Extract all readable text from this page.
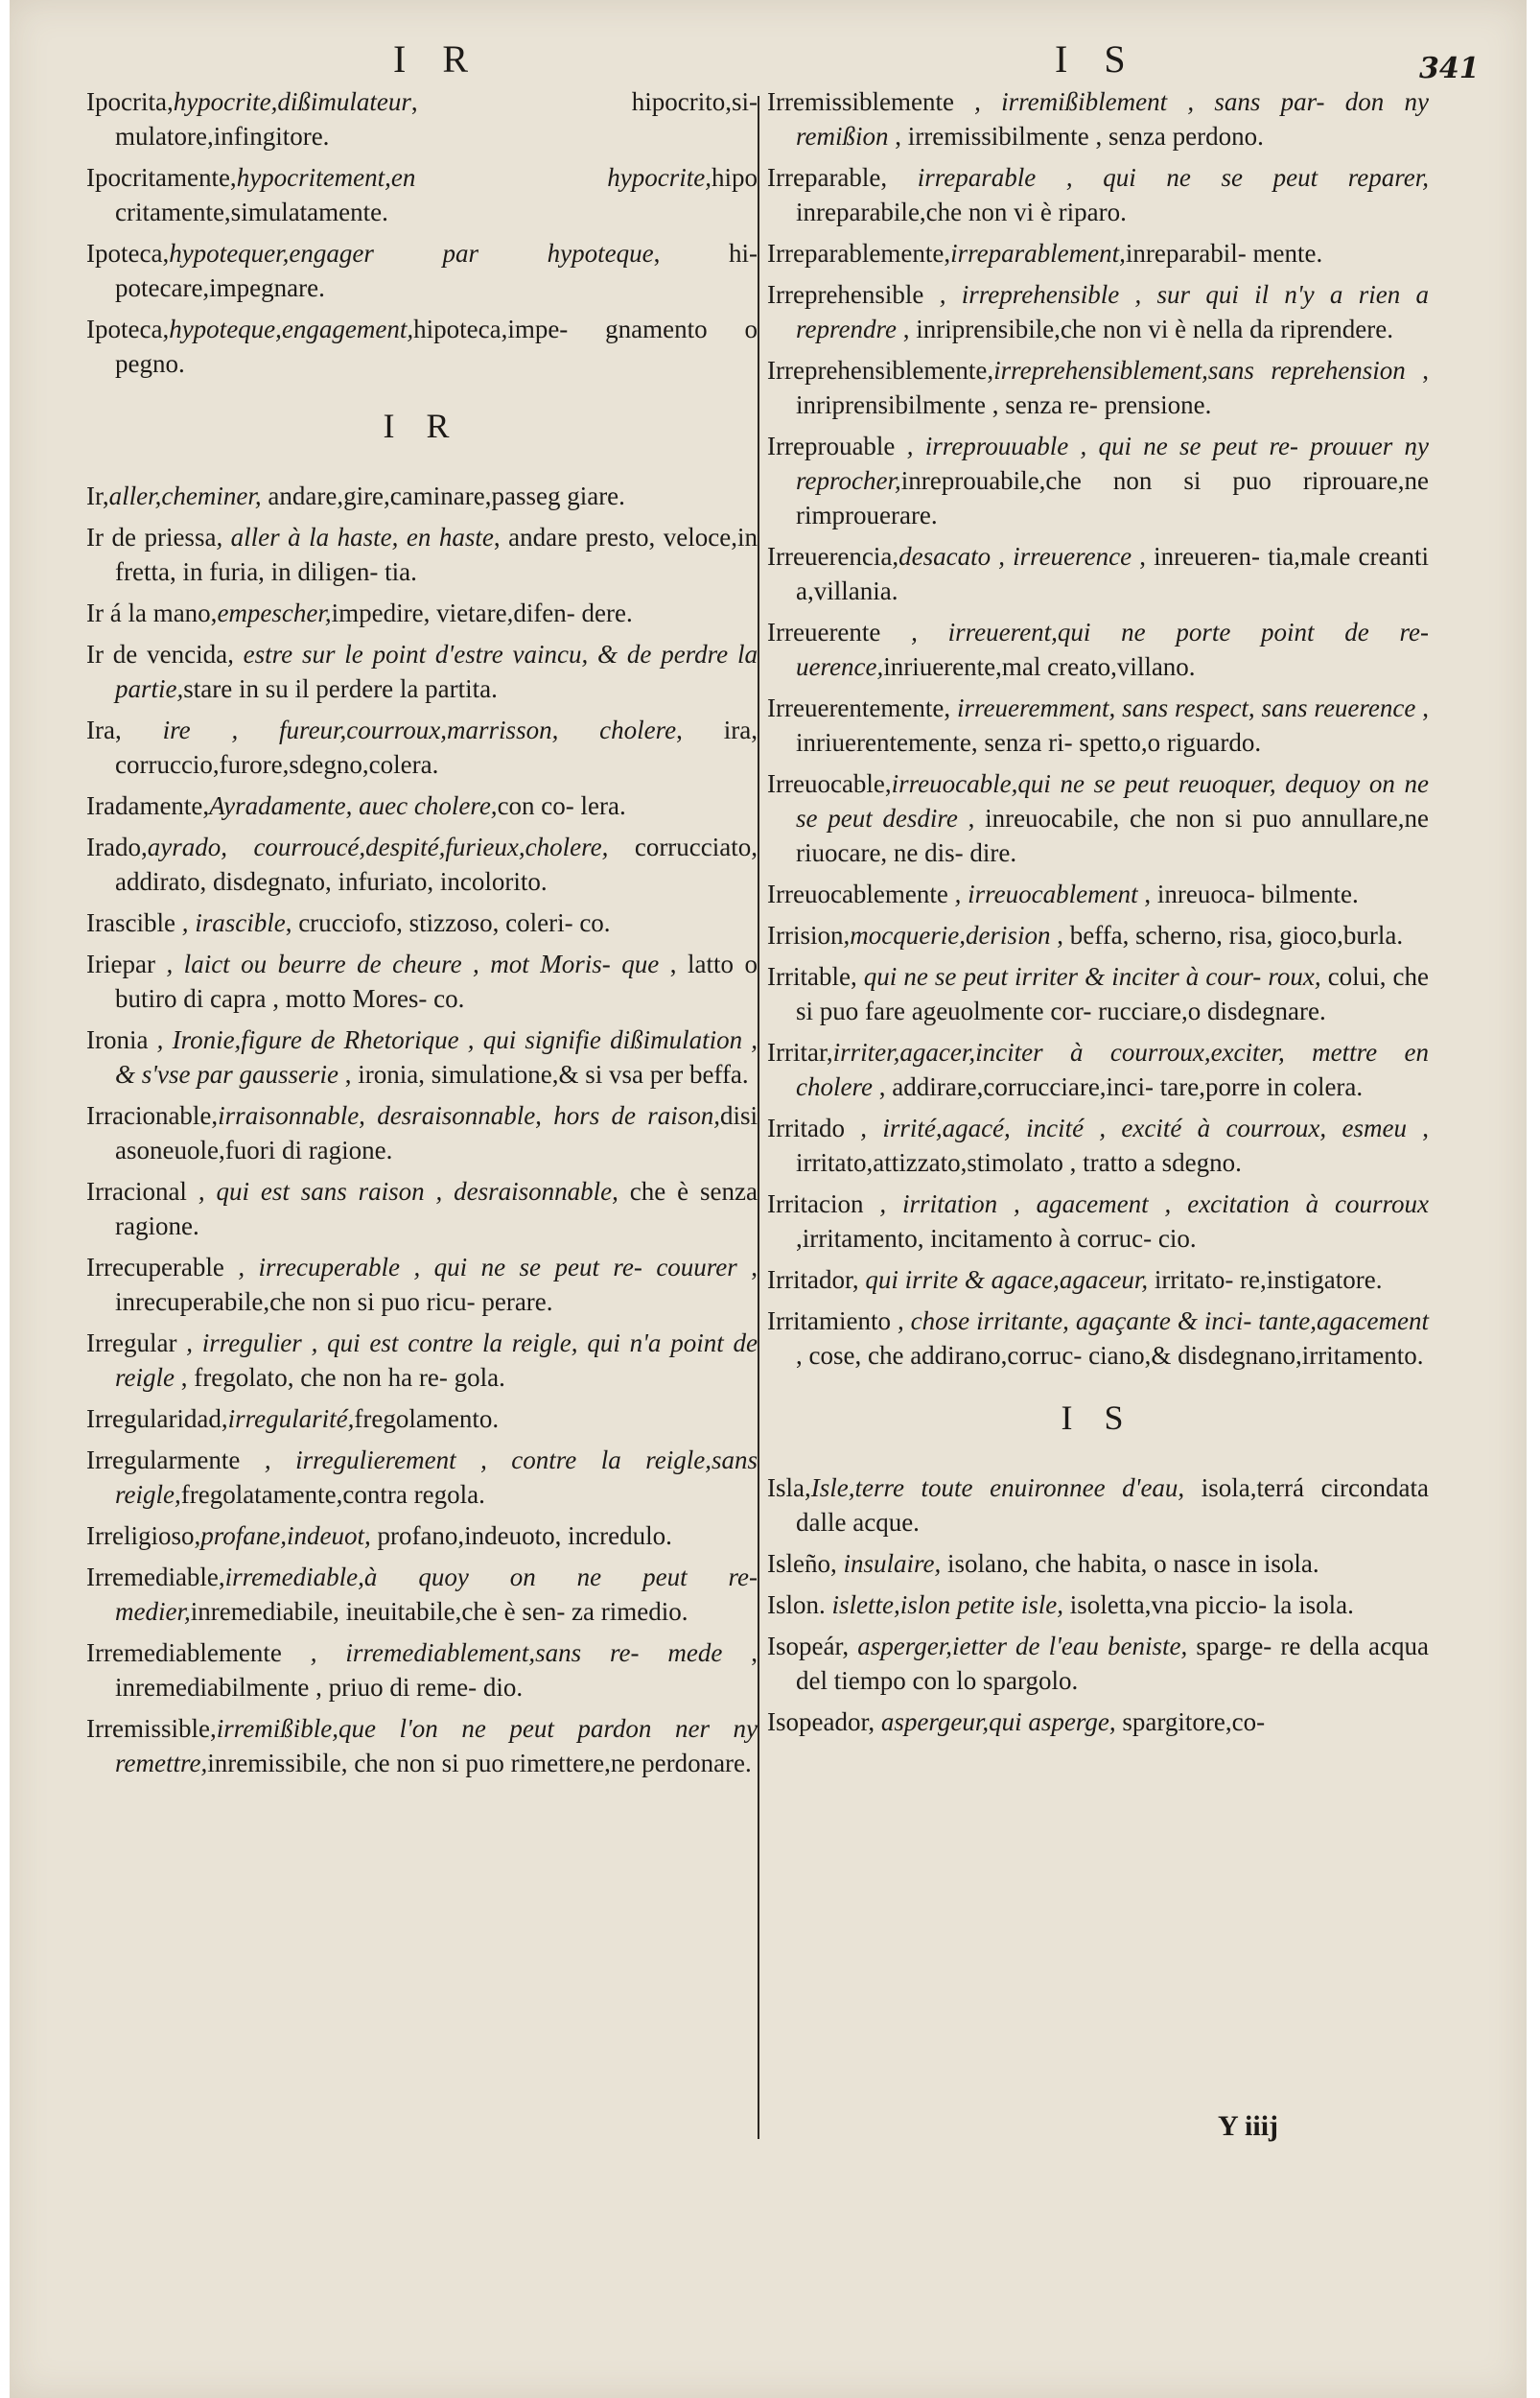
I R	I S	341

Ipocrita,hypocrite,dißimulateur, hipocrito,si- mulatore,infingitore.

Ipocritamente,hypocritement,en hypocrite,hipo critamente,simulatamente.

Ipoteca,hypotequer,engager par hypoteque, hi- potecare,impegnare.

Ipoteca,hypoteque,engagement,hipoteca,impe- gnamento o pegno.

I R

Ir,aller,cheminer, andare,gire,caminare,passeg giare.

Ir de priessa, aller à la haste, en haste, andare presto, veloce,in fretta, in furia, in diligen- tia.

Ir á la mano,empescher,impedire, vietare,difen- dere.

Ir de vencida, estre sur le point d'estre vaincu, & de perdre la partie,stare in su il perdere la partita.

Ira, ire , fureur,courroux,marrisson, cholere, ira, corruccio,furore,sdegno,colera.

Iradamente,Ayradamente, auec cholere,con co- lera.

Irado,ayrado, courroucé,despité,furieux,cholere, corrucciato, addirato, disdegnato, infuriato, incolorito.

Irascible , irascible, crucciofo, stizzoso, coleri- co.

Iriepar , laict ou beurre de cheure , mot Moris- que , latto o butiro di capra , motto Mores- co.

Ironia , Ironie,figure de Rhetorique , qui signifie dißimulation , & s'vse par gausserie , ironia, simulatione,& si vsa per beffa.

Irracionable,irraisonnable, desraisonnable, hors de raison,disi asoneuole,fuori di ragione.

Irracional , qui est sans raison , desraisonnable, che è senza ragione.

Irrecuperable , irrecuperable , qui ne se peut re- couurer , inrecuperabile,che non si puo ricu- perare.

Irregular , irregulier , qui est contre la reigle, qui n'a point de reigle , fregolato, che non ha re- gola.

Irregularidad,irregularité,fregolamento.

Irregularmente , irregulierement , contre la reigle,sans reigle,fregolatamente,contra regola.

Irreligioso,profane,indeuot, profano,indeuoto, incredulo.

Irremediable,irremediable,à quoy on ne peut re- medier,inremediabile, ineuitabile,che è sen- za rimedio.

Irremediablemente , irremediablement,sans re- mede , inremediabilmente , priuo di reme- dio.

Irremissible,irremißible,que l'on ne peut pardon ner ny remettre,inremissibile, che non si puo rimettere,ne perdonare.

Irremissiblemente , irremißiblement , sans par- don ny remißion , irremissibilmente , senza perdono.

Irreparable, irreparable , qui ne se peut reparer, inreparabile,che non vi è riparo.

Irreparablemente,irreparablement,inreparabil- mente.

Irreprehensible , irreprehensible , sur qui il n'y a rien a reprendre , inriprensibile,che non vi è nella da riprendere.

Irreprehensiblemente,irreprehensiblement,sans reprehension , inriprensibilmente , senza re- prensione.

Irreprouable , irreprouuable , qui ne se peut re- prouuer ny reprocher,inreprouabile,che non si puo riprouare,ne rimprouerare.

Irreuerencia,desacato , irreuerence , inreueren- tia,male creanti a,villania.

Irreuerente , irreuerent,qui ne porte point de re- uerence,inriuerente,mal creato,villano.

Irreuerentemente, irreueremment, sans respect, sans reuerence , inriuerentemente, senza ri- spetto,o riguardo.

Irreuocable,irreuocable,qui ne se peut reuoquer, dequoy on ne se peut desdire , inreuocabile, che non si puo annullare,ne riuocare, ne dis- dire.

Irreuocablemente , irreuocablement , inreuoca- bilmente.

Irrision,mocquerie,derision , beffa, scherno, risa, gioco,burla.

Irritable, qui ne se peut irriter & inciter à cour- roux, colui, che si puo fare ageuolmente cor- rucciare,o disdegnare.

Irritar,irriter,agacer,inciter à courroux,exciter, mettre en cholere , addirare,corrucciare,inci- tare,porre in colera.

Irritado , irrité,agacé, incité , excité à courroux, esmeu , irritato,attizzato,stimolato , tratto a sdegno.

Irritacion , irritation , agacement , excitation à courroux ,irritamento, incitamento à corruc- cio.

Irritador, qui irrite & agace,agaceur, irritato- re,instigatore.

Irritamiento , chose irritante, agaçante & inci- tante,agacement , cose, che addirano,corruc- ciano,& disdegnano,irritamento.

I S

Isla,Isle,terre toute enuironnee d'eau, isola,terrá circondata dalle acque.

Isleño, insulaire, isolano, che habita, o nasce in isola.

Islon. islette,islon petite isle, isoletta,vna piccio- la isola.

Isopeár, asperger,ietter de l'eau beniste, sparge- re della acqua del tiempo con lo spargolo.

Isopeador, aspergeur,qui asperge, spargitore,co-

Y iiij
